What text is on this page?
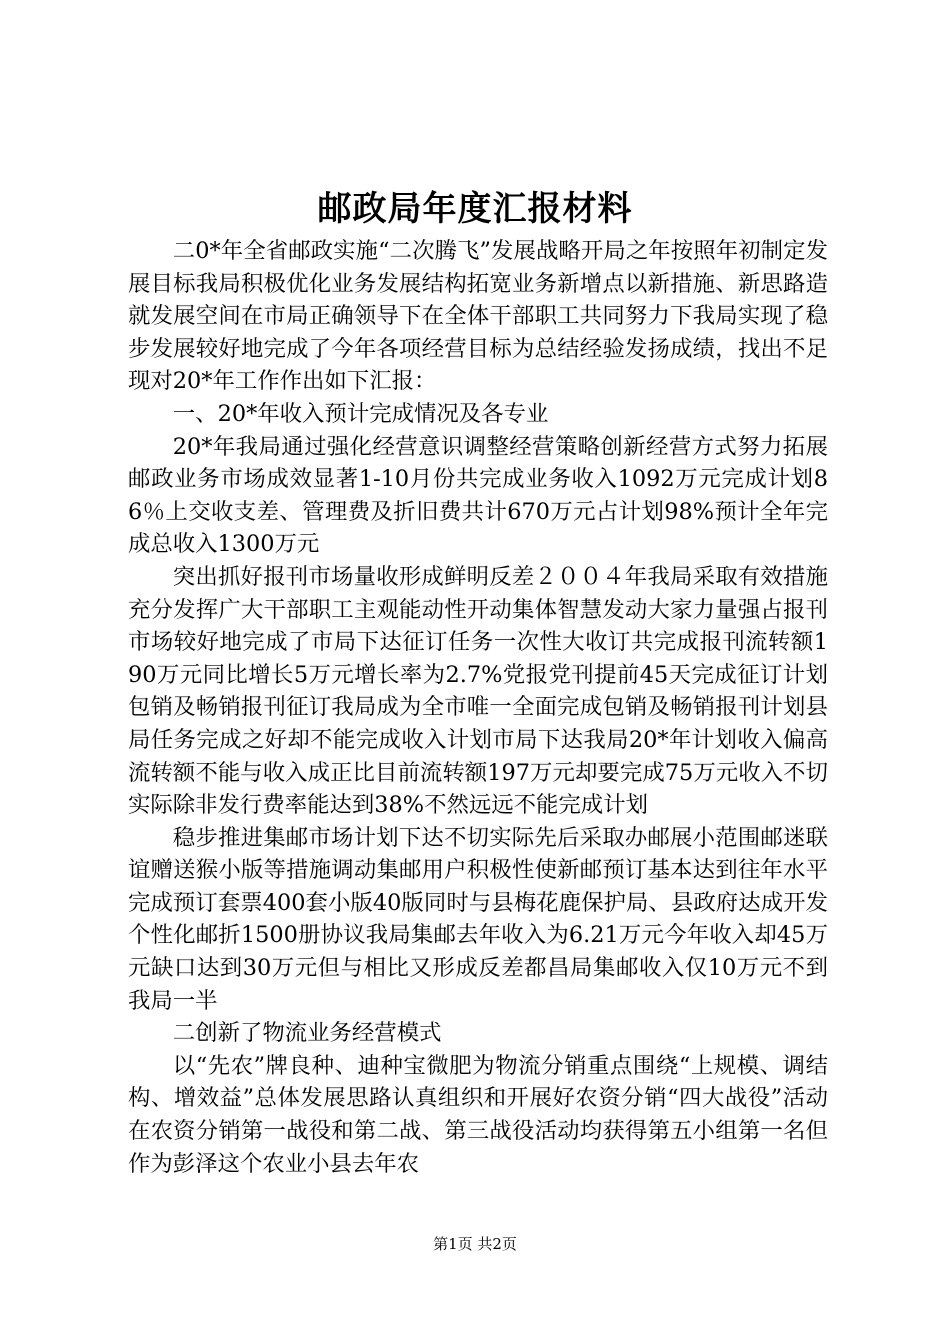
邮政局年度汇报材料

二0*年全省邮政实施“二次腾飞”发展战略开局之年按照年初制定发展目标我局积极优化业务发展结构拓宽业务新增点以新措施、新思路造就发展空间在市局正确领导下在全体干部职工共同努力下我局实现了稳步发展较好地完成了今年各项经营目标为总结经验发扬成绩，找出不足现对20*年工作作出如下汇报：

一、20*年收入预计完成情况及各专业

20*年我局通过强化经营意识调整经营策略创新经营方式努力拓展邮政业务市场成效显著1-10月份共完成业务收入1092万元完成计划86％上交收支差、管理费及折旧费共计670万元占计划98%预计全年完成总收入1300万元

突出抓好报刊市场量收形成鲜明反差２００４年我局采取有效措施充分发挥广大干部职工主观能动性开动集体智慧发动大家力量强占报刊市场较好地完成了市局下达征订任务一次性大收订共完成报刊流转额190万元同比增长5万元增长率为2.7%党报党刊提前45天完成征订计划包销及畅销报刊征订我局成为全市唯一全面完成包销及畅销报刊计划县局任务完成之好却不能完成收入计划市局下达我局20*年计划收入偏高流转额不能与收入成正比目前流转额197万元却要完成75万元收入不切实际除非发行费率能达到38%不然远远不能完成计划

稳步推进集邮市场计划下达不切实际先后采取办邮展小范围邮迷联谊赠送猴小版等措施调动集邮用户积极性使新邮预订基本达到往年水平完成预订套票400套小版40版同时与县梅花鹿保护局、县政府达成开发个性化邮折1500册协议我局集邮去年收入为6.21万元今年收入却45万元缺口达到30万元但与相比又形成反差都昌局集邮收入仅10万元不到我局一半

二创新了物流业务经营模式

以“先农”牌良种、迪种宝微肥为物流分销重点围绕“上规模、调结构、增效益”总体发展思路认真组织和开展好农资分销“四大战役”活动在农资分销第一战役和第二战、第三战役活动均获得第五小组第一名但作为彭泽这个农业小县去年农

第1页 共2页
